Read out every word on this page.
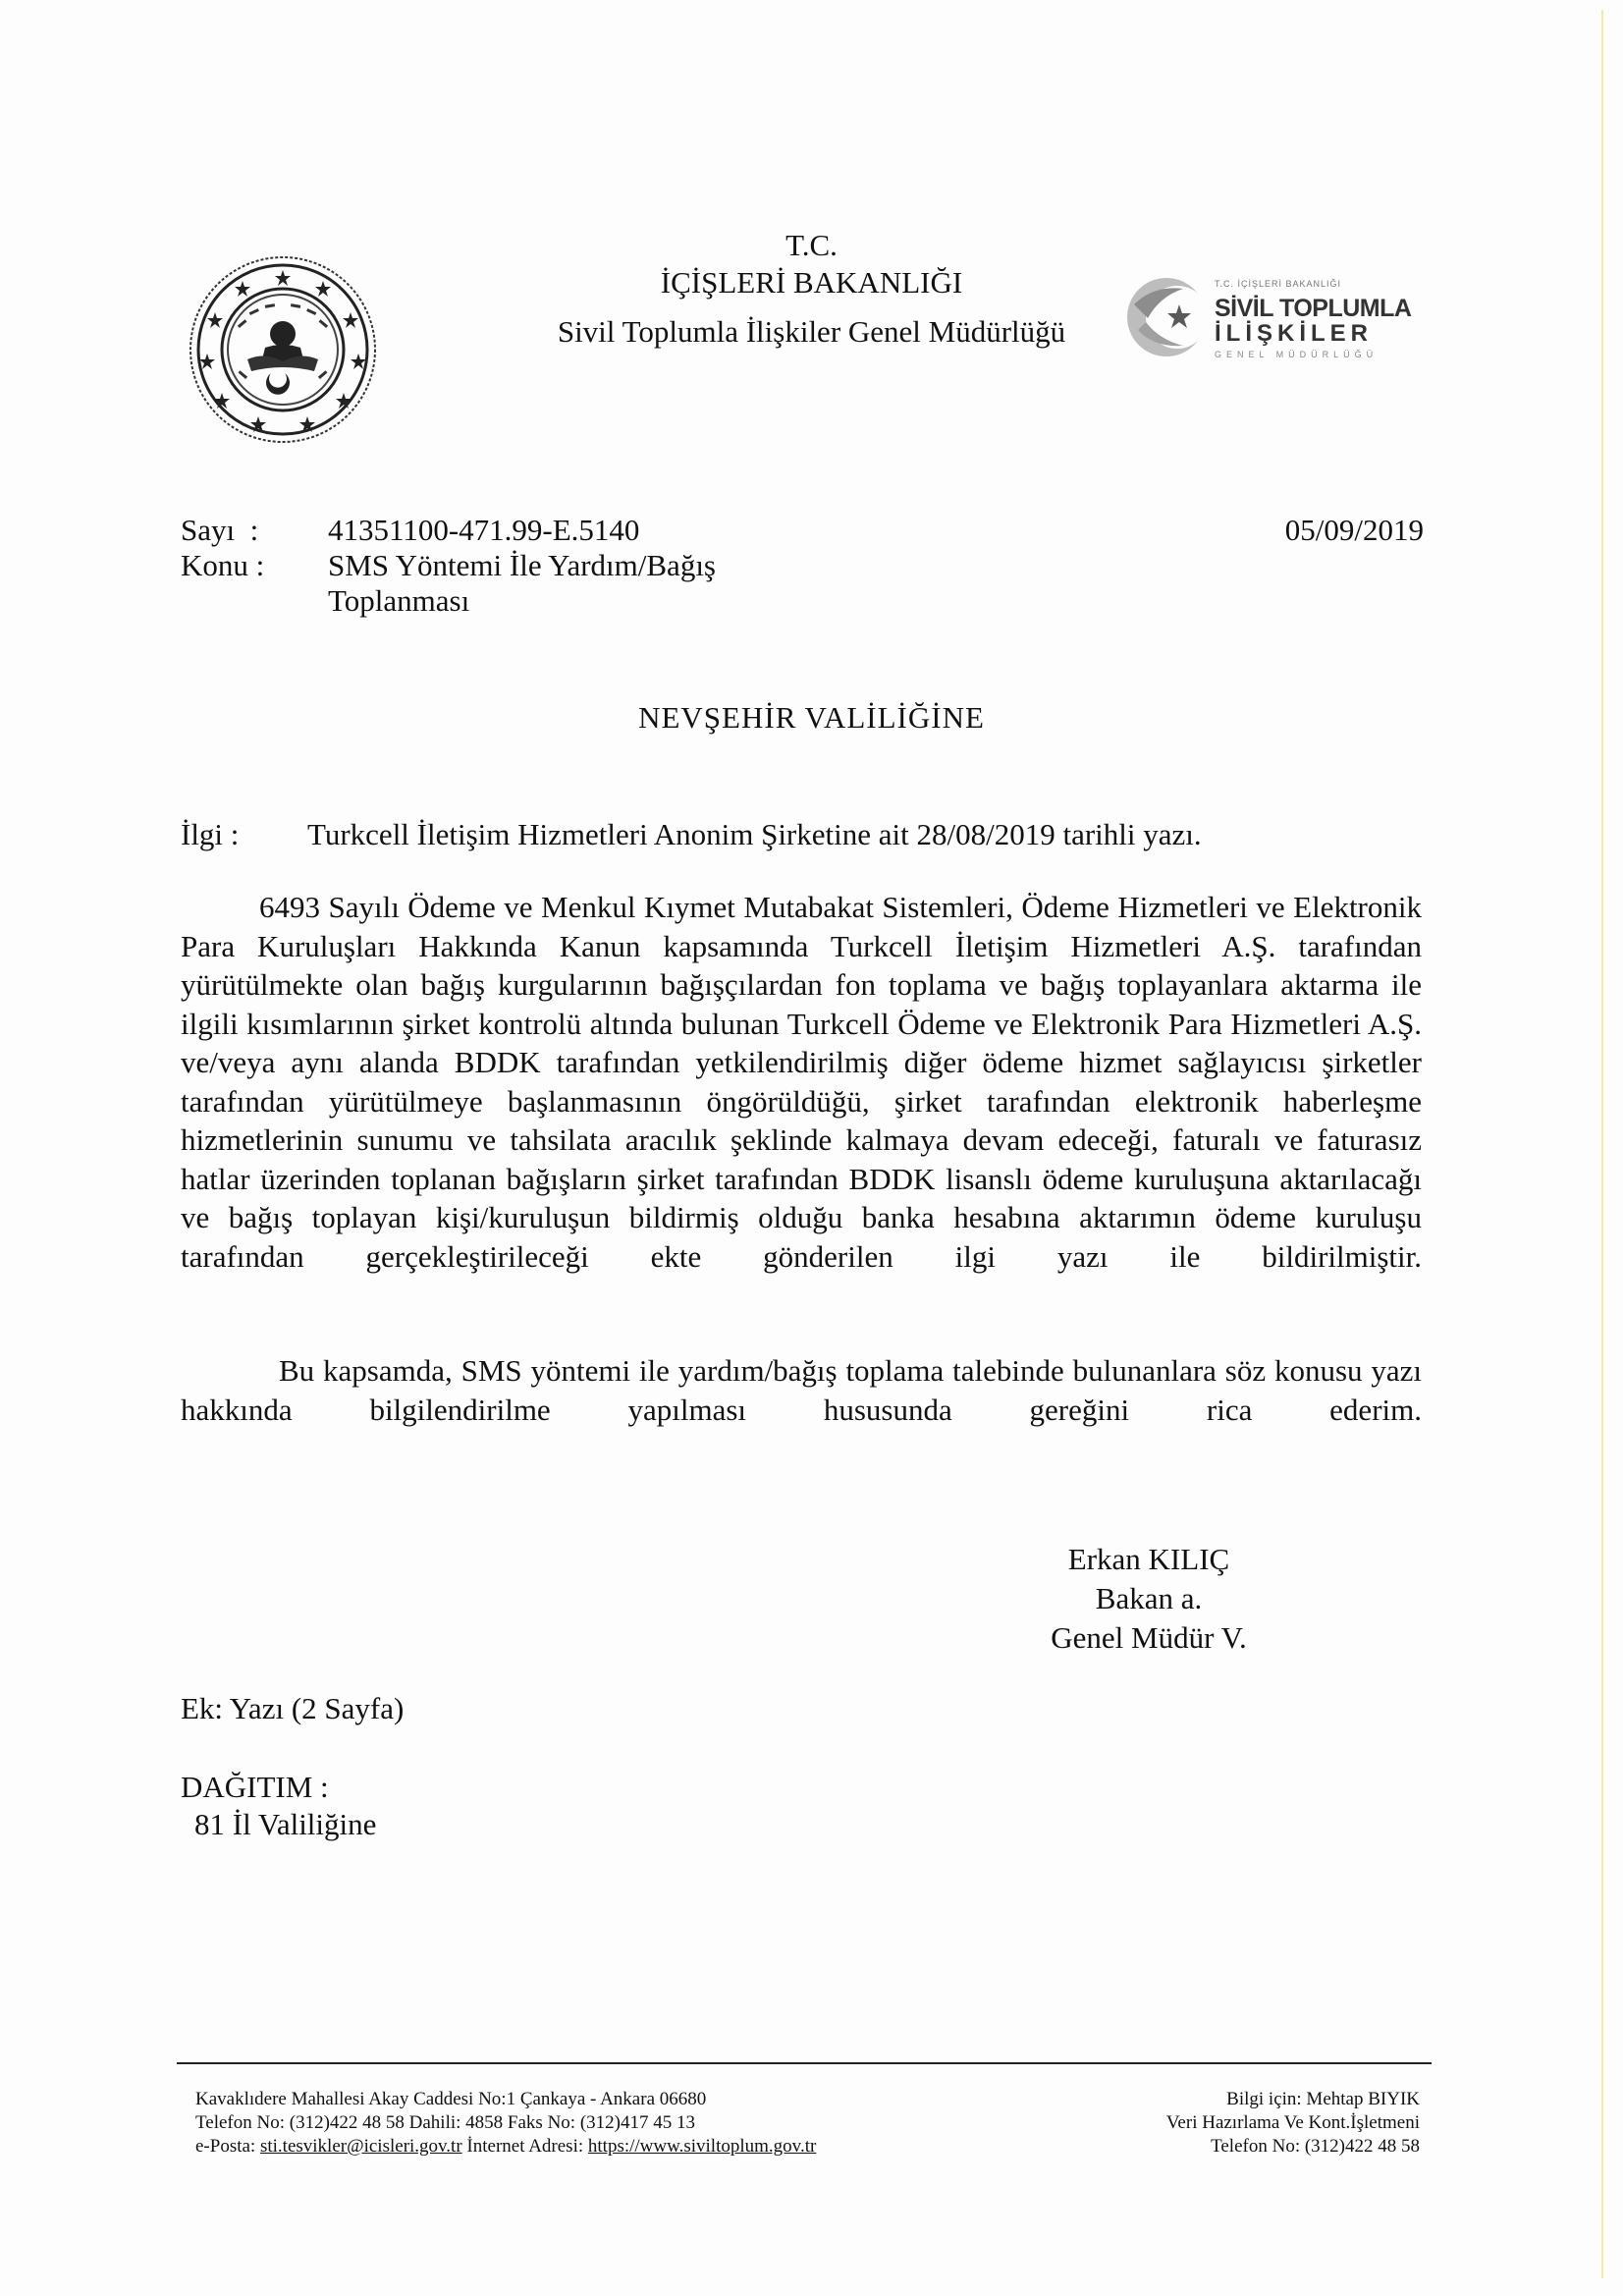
T.C.
İÇİŞLERİ BAKANLIĞI
Sivil Toplumla İlişkiler Genel Müdürlüğü
T.C. İÇİŞLERİ BAKANLIĞI
SİVİL TOPLUMLA
İLİŞKİLER
GENEL MÜDÜRLÜĞÜ
Sayı  : 41351100-471.99-E.5140	05/09/2019
Konu : SMS Yöntemi İle Yardım/Bağış
Toplanması
NEVŞEHİR VALİLİĞİNE
İlgi : Turkcell İletişim Hizmetleri Anonim Şirketine ait 28/08/2019 tarihli yazı.
6493 Sayılı Ödeme ve Menkul Kıymet Mutabakat Sistemleri, Ödeme Hizmetleri ve Elektronik Para Kuruluşları Hakkında Kanun kapsamında Turkcell İletişim Hizmetleri A.Ş. tarafından yürütülmekte olan bağış kurgularının bağışçılardan fon toplama ve bağış toplayanlara aktarma ile ilgili kısımlarının şirket kontrolü altında bulunan Turkcell Ödeme ve Elektronik Para Hizmetleri A.Ş. ve/veya aynı alanda BDDK tarafından yetkilendirilmiş diğer ödeme hizmet sağlayıcısı şirketler tarafından yürütülmeye başlanmasının öngörüldüğü, şirket tarafından elektronik haberleşme hizmetlerinin sunumu ve tahsilata aracılık şeklinde kalmaya devam edeceği, faturalı ve faturasız hatlar üzerinden toplanan bağışların şirket tarafından BDDK lisanslı ödeme kuruluşuna aktarılacağı ve bağış toplayan kişi/kuruluşun bildirmiş olduğu banka hesabına aktarımın ödeme kuruluşu tarafından gerçekleştirileceği ekte gönderilen ilgi yazı ile bildirilmiştir.
Bu kapsamda, SMS yöntemi ile yardım/bağış toplama talebinde bulunanlara söz konusu yazı hakkında bilgilendirilme yapılması hususunda gereğini rica ederim.
Erkan KILIÇ
Bakan a.
Genel Müdür V.
Ek: Yazı (2 Sayfa)
DAĞITIM :
81 İl Valiliğine
Kavaklıdere Mahallesi Akay Caddesi No:1 Çankaya - Ankara 06680
Telefon No: (312)422 48 58 Dahili: 4858 Faks No: (312)417 45 13
e-Posta: sti.tesvikler@icisleri.gov.tr İnternet Adresi: https://www.siviltoplum.gov.tr
Bilgi için: Mehtap BIYIK
Veri Hazırlama Ve Kont.İşletmeni
Telefon No: (312)422 48 58
